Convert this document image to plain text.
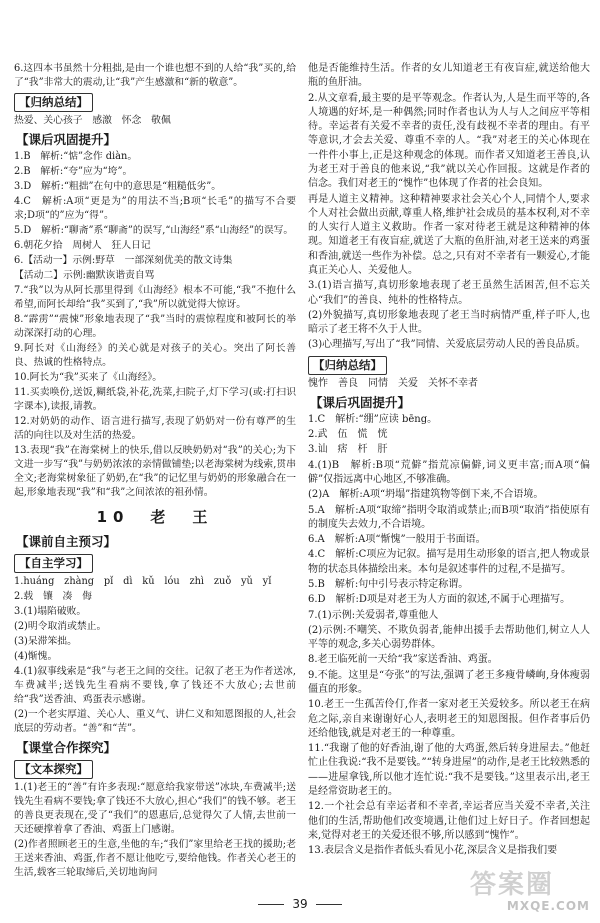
6.这四本书虽然十分粗拙,是由一个谁也想不到的人给“我”买的,给了“我”非常大的震动,让“我”产生感激和“新的敬意”。

【归纳总结】

热爱、关心孩子　感激　怀念　敬佩

【课后巩固提升】

1.B　解析:“惦”念作 diàn。

2.B　解析:“夸”应为“垮”。

3.D　解析:“粗拙”在句中的意思是“粗糙低劣”。

4.C　解析:A项“更是为”的用法不当;B项“长毛”的描写不合要求;D项“的”应为“得”。

5.D　解析:“聊斋”系“聊斋”的误写,“山海经”系“山海经”的误写。

6.朝花夕拾　周树人　狂人日记

6.【活动一】示例:野草　一部深刻优美的散文诗集

【活动二】示例:幽默诙谐责自骂

7.“我”以为从阿长那里得到《山海经》根本不可能,“我”不抱什么希望,而阿长却给“我”买到了,“我”所以就觉得大惊讶。

8.“霹雳”“震悚”形象地表现了“我”当时的震惊程度和被阿长的举动深深打动的心理。

9.阿长对《山海经》的关心就是对孩子的关心。突出了阿长善良、热诚的性格特点。

10.阿长为“我”买来了《山海经》。

11.买卖唤份,送饭,糊纸袋,补花,洗菜,扫院子,灯下学习(或:打扫识字课本),读报,请教。

12.对奶奶的动作、语言进行描写,表现了奶奶对一份有尊严的生活的向往以及对生活的热爱。

13.表现“我”在海棠树上的快乐,借以反映奶奶对“我”的关心;为下文进一步写“我”与奶奶浓浓的亲情做铺垫;以老海棠树为线索,贯串全文;老海棠树象征了奶奶,在“我”的记忆里与奶奶的形象融合在一起,形象地表现“我”和“我”之间浓浓的祖孙情。

10　老　王
【课前自主预习】
【自主学习】

1.huáng　zhàng　pǐ　dì　kǔ　lóu　zhì　zuǒ　yǔ　yǐ

2.载　镶　凑　侮

3.(1)塌陷破败。

(2)明令取消或禁止。

(3)呆滞笨拙。

(4)惭愧。

4.(1)叙事线索是“我”与老王之间的交往。记叙了老王为作者送冰,车费减半;送钱先生看病不要钱,拿了钱还不大放心;去世前给“我”送香油、鸡蛋表示感谢。

(2)一个老实厚道、关心人、重义气、讲仁义和知恩图报的人,社会底层的劳动者。“善”和“苦”。

【课堂合作探究】
【文本探究】

1.(1)老王的“善”有许多表现:“愿意给我家带送”冰块,车费减半;送钱先生看病不要钱;拿了钱还不大放心,担心“我们”的钱不够。老王的善良更表现在,受了“我们”的恩惠后,总觉得欠了人情,去世前一天还硬撑着拿了香油、鸡蛋上门感谢。

(2)作者照顾老王的生意,坐他的车;“我们”家里给老王找的援助;老王送来香油、鸡蛋,作者不愿让他吃亏,要给他钱。作者关心老王的生活,载客三轮取缔后,关切地询问

他是否能维持生活。作者的女儿知道老王有夜盲症,就送给他大瓶的鱼肝油。

2.从文章看,最主要的是平等观念。作者认为,人是生而平等的,各人境遇的好坏,是一种偶然;同时作者也认为人与人之间应平等相待。幸运者有关爱不幸者的责任,没有歧视不幸者的理由。有平等意识,才会去关爱、尊重不幸的人。“我”对老王的关心体现在一件件小事上,正是这种观念的体现。而作者又知道老王善良,认为老王对于善良的他来说,“我”就以关心作回报。这就是作者的信念。我们对老王的“愧怍”也体现了作者的社会良知。

再是人道主义精神。这种精神要求社会关心个人,同情个人,要求个人对社会做出贡献,尊重人格,维护社会成员的基本权利,对不幸的人实行人道主义救助。作者一家对待老王就是这种精神的体现。知道老王有夜盲症,就送了大瓶的鱼肝油,对老王送来的鸡蛋和香油,就送一些作为补偿。总之,只有对不幸者有一颗爱心,才能真正关心人、关爱他人。

3.(1)语言描写,真切形象地表现了老王虽然生活困苦,但不忘关心“我们”的善良、纯朴的性格特点。

(2)外貌描写,真切形象地表现了老王当时病情严重,样子吓人,也暗示了老王将不久于人世。

(3)心理描写,写出了“我”同情、关爱底层劳动人民的善良品质。

【归纳总结】

愧怍　善良　同情　关爱　关怀不幸者

【课后巩固提升】

1.C　解析:“绷”应读 bēng。

2.武　伍　慌　恍

3.讪　痞　杆　肝

4.(1)B　解析:B项“荒僻”指荒凉偏僻,词义更丰富;而A项“偏僻”仅指远离中心地区,不够准确。

(2)A　解析:A项“坍塌”指建筑物等倒下来,不合语境。

5.A　解析:A项“取缔”指明令取消或禁止;而B项“取消”指使原有的制度失去效力,不合语境。

6.A　解析:A项“惭愧”一般用于书面语。

4.C　解析:C项应为记叙。描写是用生动形象的语言,把人物或景物的状态具体描绘出来。本句是叙述事件的过程,不是描写。

5.B　解析:句中引号表示特定称谓。

6.D　解析:D项是对老王为人方面的叙述,不属于心理描写。

7.(1)示例:关爱弱者,尊重他人　

(2)示例:不嘲笑、不欺负弱者,能伸出援手去帮助他们,树立人人平等的观念,多关心弱势群体。

8.老王临死前一天给“我”家送香油、鸡蛋。

9.不能。这里是“夸张”的写法,强调了老王多瘦骨嶙峋,身体瘦弱僵直的形象。

10.老王一生孤苦伶仃,作者一家对老王关爱较多。所以老王在病危之际,亲自来谢谢好心人,表明老王的知恩图报。但作者事后仍还给他钱,就是对老王的一种尊重。

11.“我谢了他的好香油,谢了他的大鸡蛋,然后转身进屋去。”他赶忙止住我说:“我不是要钱。”“转身进屋”的动作,是老王比较熟悉的——进屋拿钱,所以他才连忙说:“我不是要钱。”这里表示出,老王是经常资助老王的。

12.一个社会总有幸运者和不幸者,幸运者应当关爱不幸者,关注他们的生活,帮助他们改变境遇,让他们过上好日子。作者回想起来,觉得对老王的关爱还很不够,所以感到“愧怍”。

13.表层含义是指作者低头看见小花,深层含义是指我们要

39
答案圈
MXQE.COM
